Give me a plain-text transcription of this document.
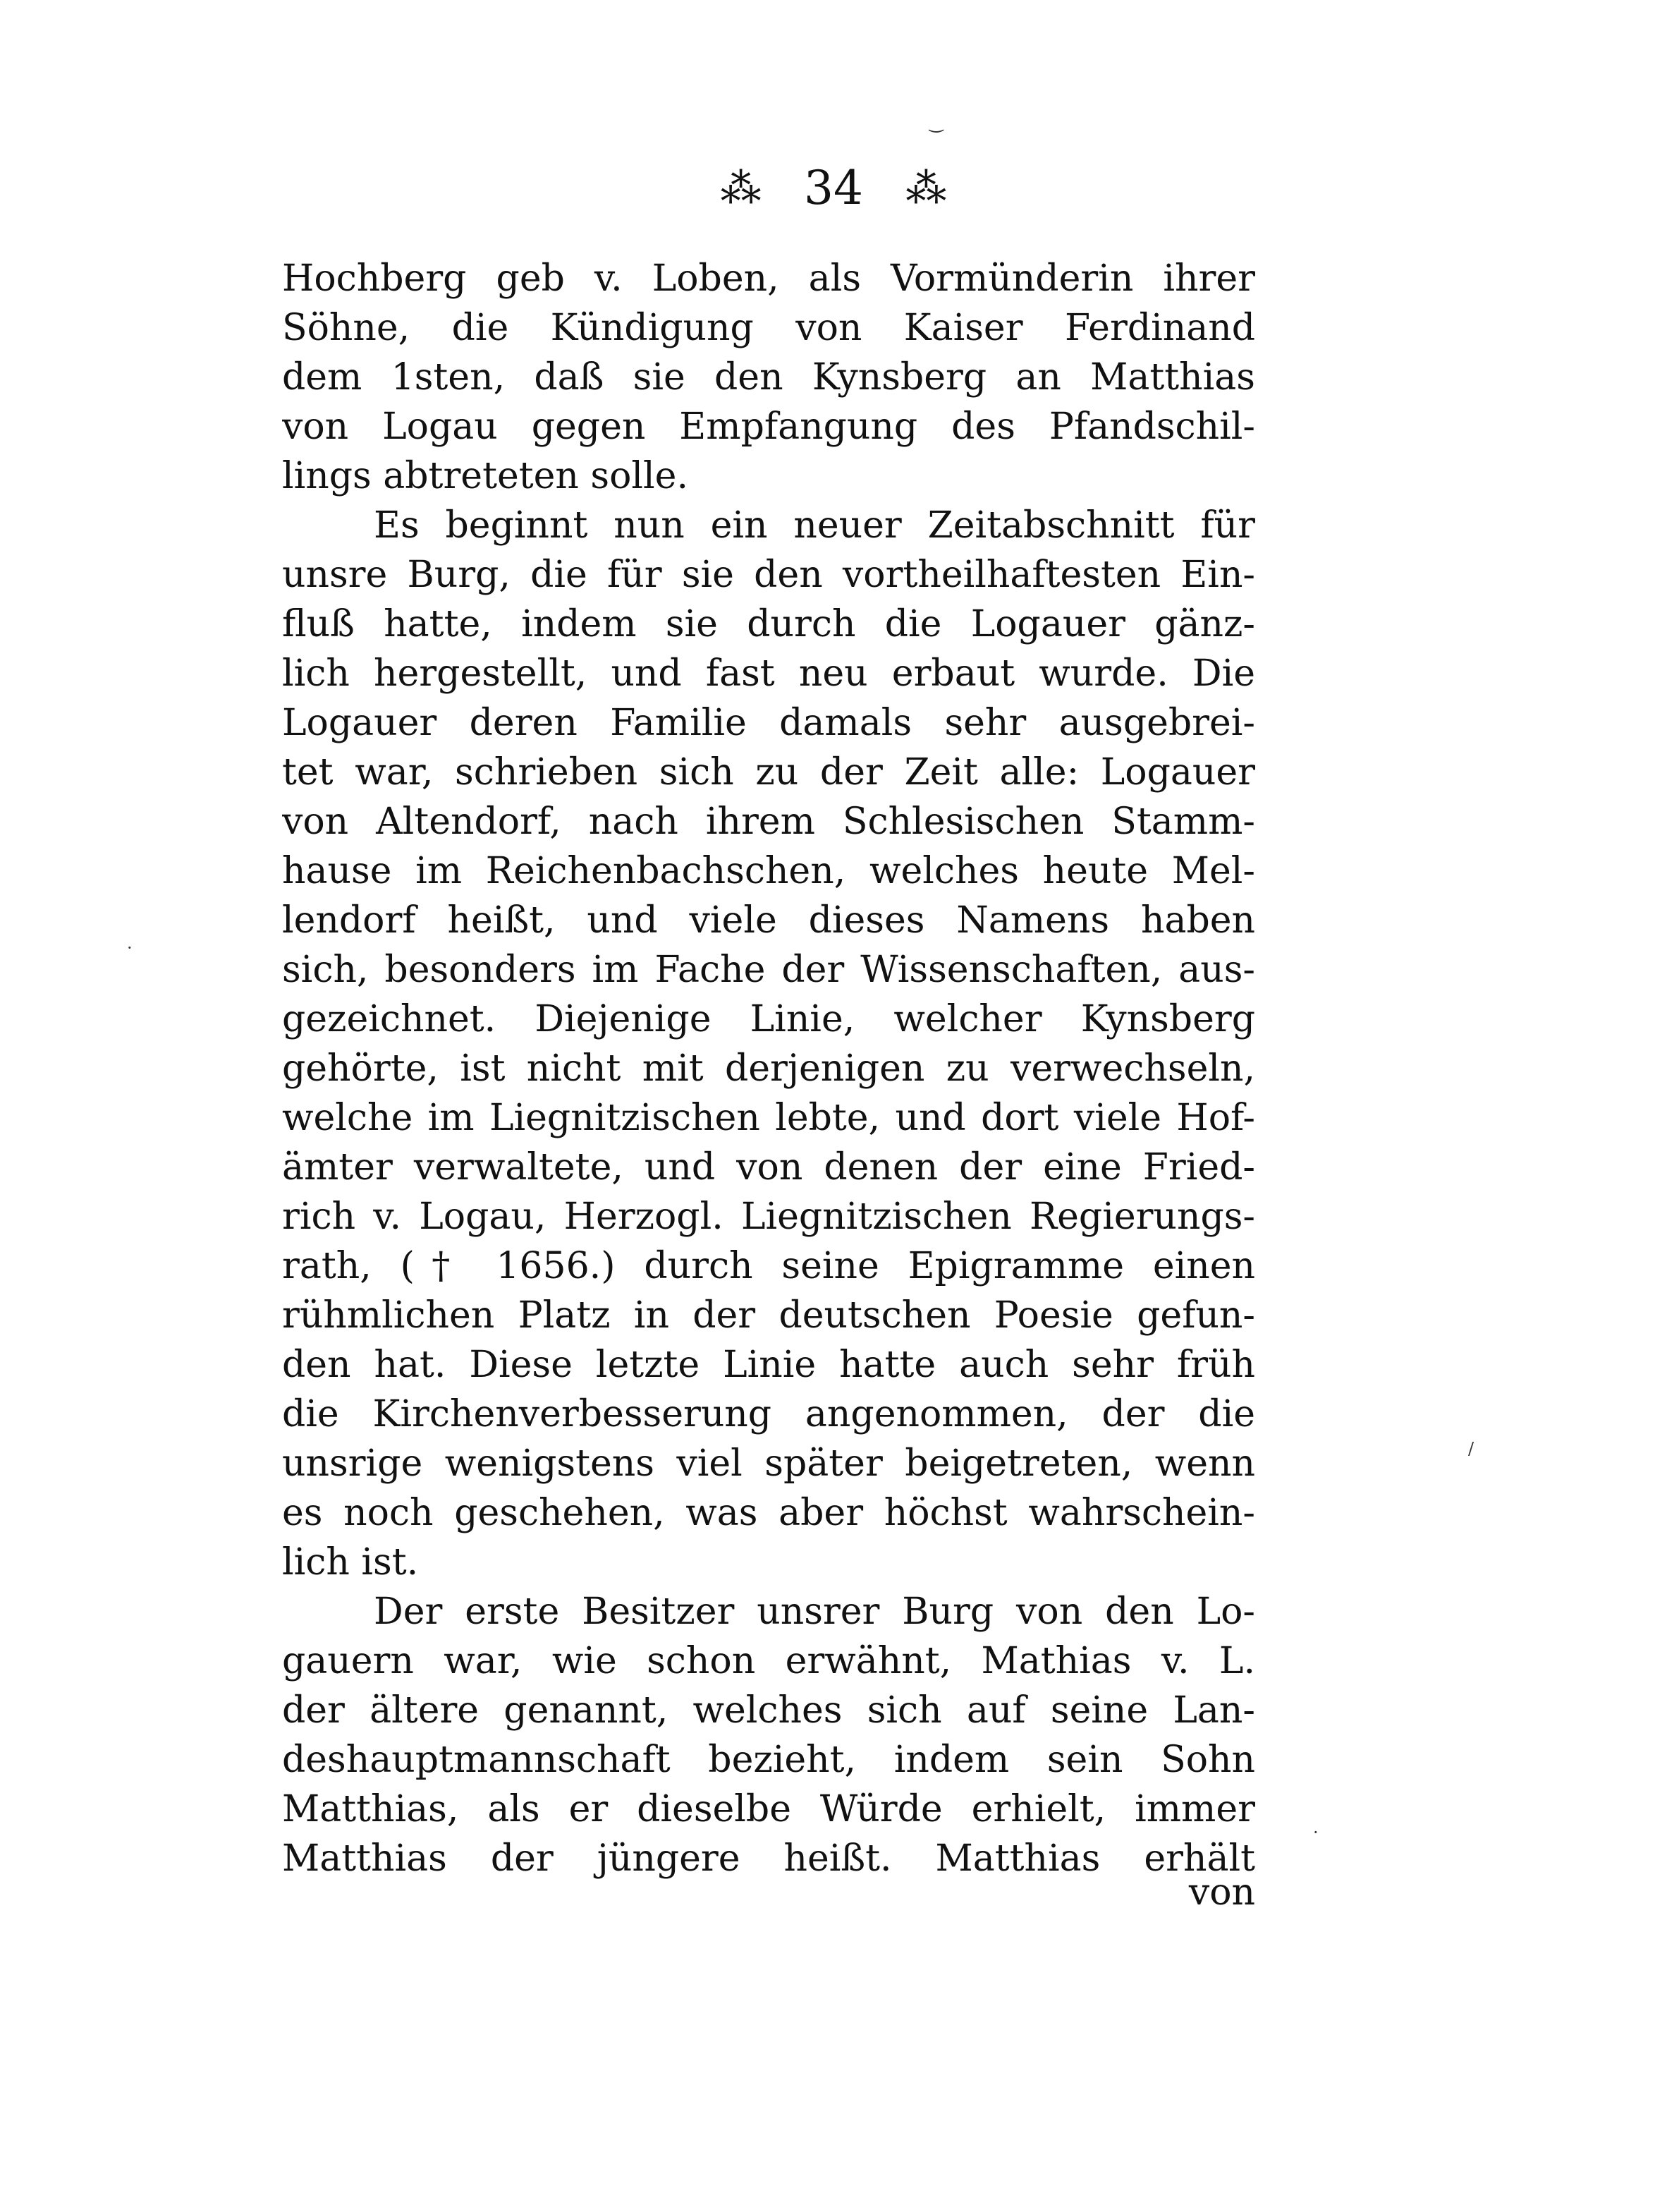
⁂ 34 ⁂
Hochberg geb v. Loben, als Vormünderin ihrer
Söhne, die Kündigung von Kaiser Ferdinand
dem 1sten, daß sie den Kynsberg an Matthias
von Logau gegen Empfangung des Pfandschil-
lings abtreteten solle.
Es beginnt nun ein neuer Zeitabschnitt für
unsre Burg, die für sie den vortheilhaftesten Ein-
fluß hatte, indem sie durch die Logauer gänz-
lich hergestellt, und fast neu erbaut wurde. Die
Logauer deren Familie damals sehr ausgebrei-
tet war, schrieben sich zu der Zeit alle: Logauer
von Altendorf, nach ihrem Schlesischen Stamm-
hause im Reichenbachschen, welches heute Mel-
lendorf heißt, und viele dieses Namens haben
sich, besonders im Fache der Wissenschaften, aus-
gezeichnet. Diejenige Linie, welcher Kynsberg
gehörte, ist nicht mit derjenigen zu verwechseln,
welche im Liegnitzischen lebte, und dort viele Hof-
ämter verwaltete, und von denen der eine Fried-
rich v. Logau, Herzogl. Liegnitzischen Regierungs-
rath, († 1656.) durch seine Epigramme einen
rühmlichen Platz in der deutschen Poesie gefun-
den hat. Diese letzte Linie hatte auch sehr früh
die Kirchenverbesserung angenommen, der die
unsrige wenigstens viel später beigetreten, wenn
es noch geschehen, was aber höchst wahrschein-
lich ist.
Der erste Besitzer unsrer Burg von den Lo-
gauern war, wie schon erwähnt, Mathias v. L.
der ältere genannt, welches sich auf seine Lan-
deshauptmannschaft bezieht, indem sein Sohn
Matthias, als er dieselbe Würde erhielt, immer
Matthias der jüngere heißt. Matthias erhält
von
‿
·
/
·
